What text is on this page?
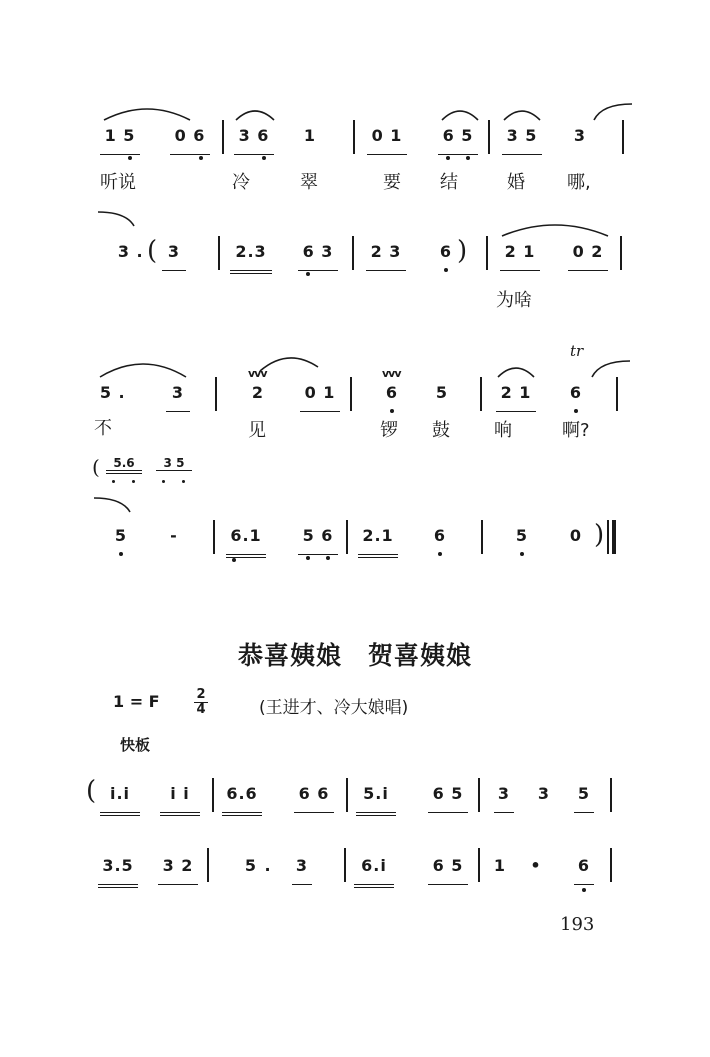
1 5 0 6 3 6 1	0 1	6 5 3 5 3
听说	冷	翠	要 结	婚 哪,
3 . ( 3	2.3	6 3 2 3 6 ) 2 1 0 2
为啥
tr
5 .	3
vvv
2	0 1
vvv
6 5	2 1 6
不	见	锣 鼓 响	啊?
(	5.6	3 5
5	-	6.1	5 6 2.1	6	5	0 )
恭喜姨娘　贺喜姨娘
1 = F	2
4	(王进才、冷大娘唱)
快板
( i.i	i i	6.6	6 6	5.i	6 5 3 3 5
3.5 3 2	5 . 3	6.i	6 5 1 • 6
193
